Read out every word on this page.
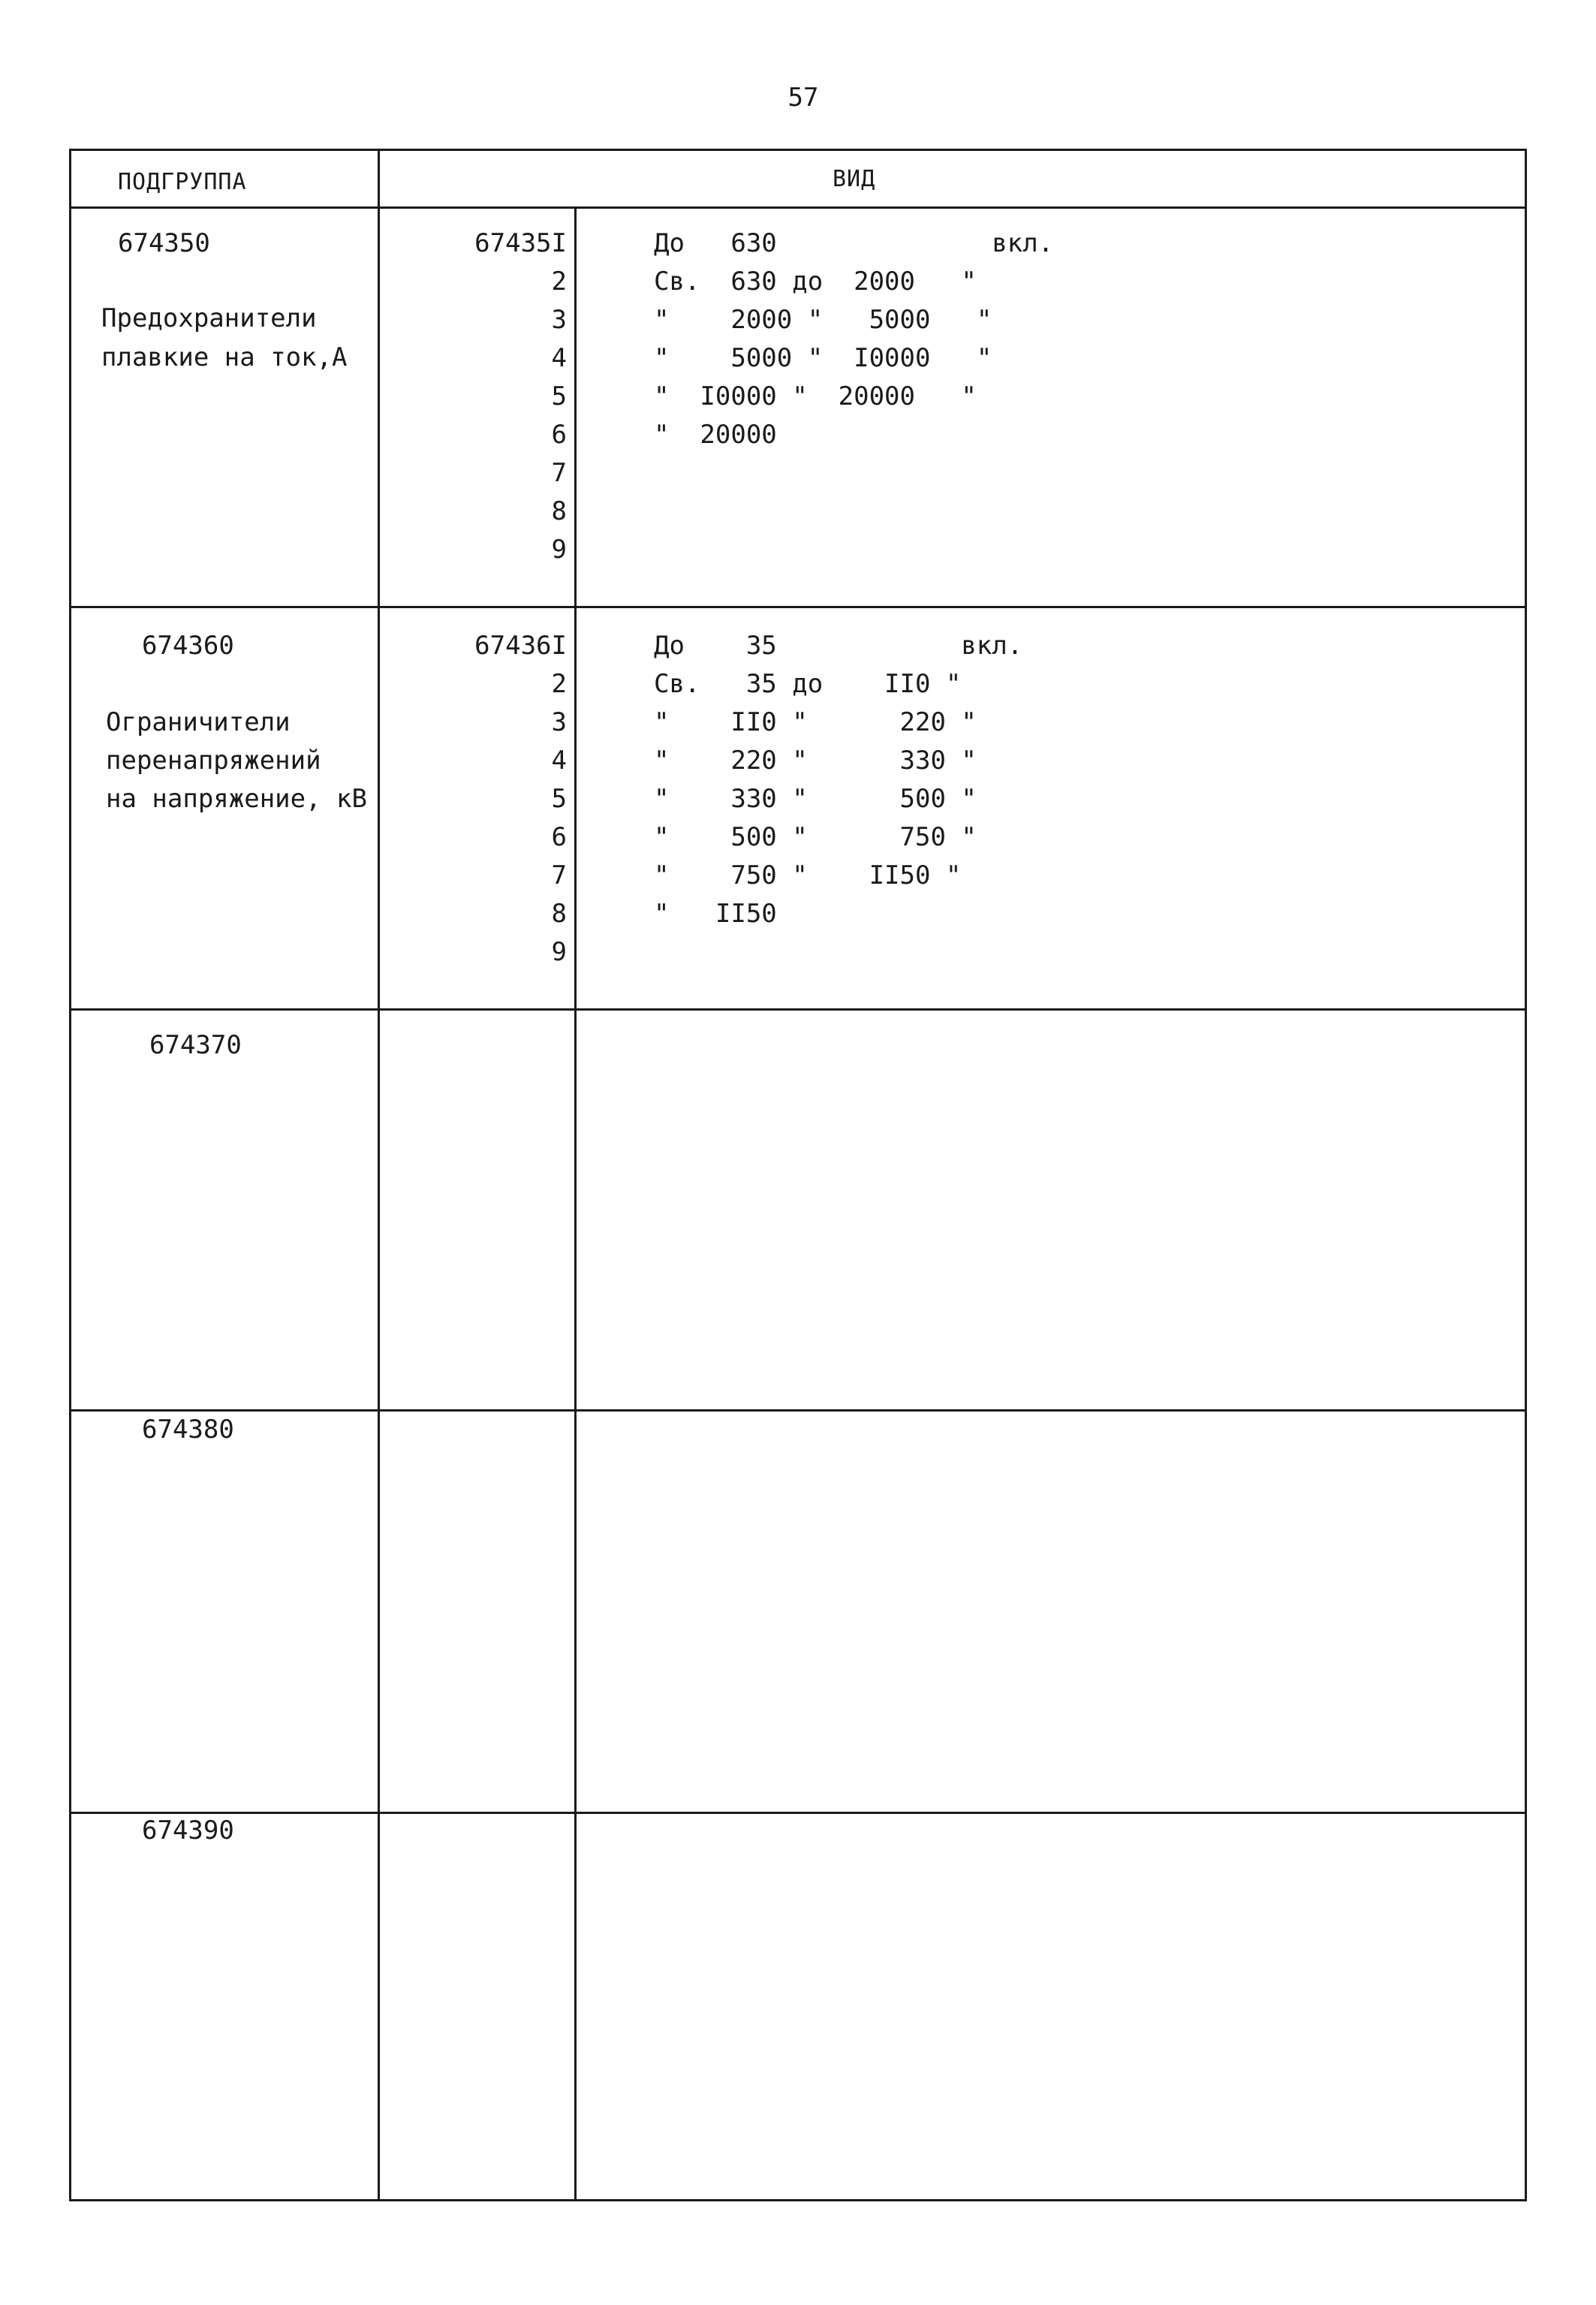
57
ПОДГРУППА	ВИД
674350
Предохранители
плавкие на ток,А
67435I
2
3
4
5
6
7
8
9
До   630              вкл.
Св.  630 до  2000   "
"    2000 "   5000   "
"    5000 "  I0000   "
"  I0000 "  20000   "
"  20000
674360
Ограничители
перенапряжений
на напряжение, кВ
67436I
2
3
4
5
6
7
8
9
До    35            вкл.
Св.   35 до    II0 "
"    II0 "      220 "
"    220 "      330 "
"    330 "      500 "
"    500 "      750 "
"    750 "    II50 "
"   II50
674370
674380
674390
